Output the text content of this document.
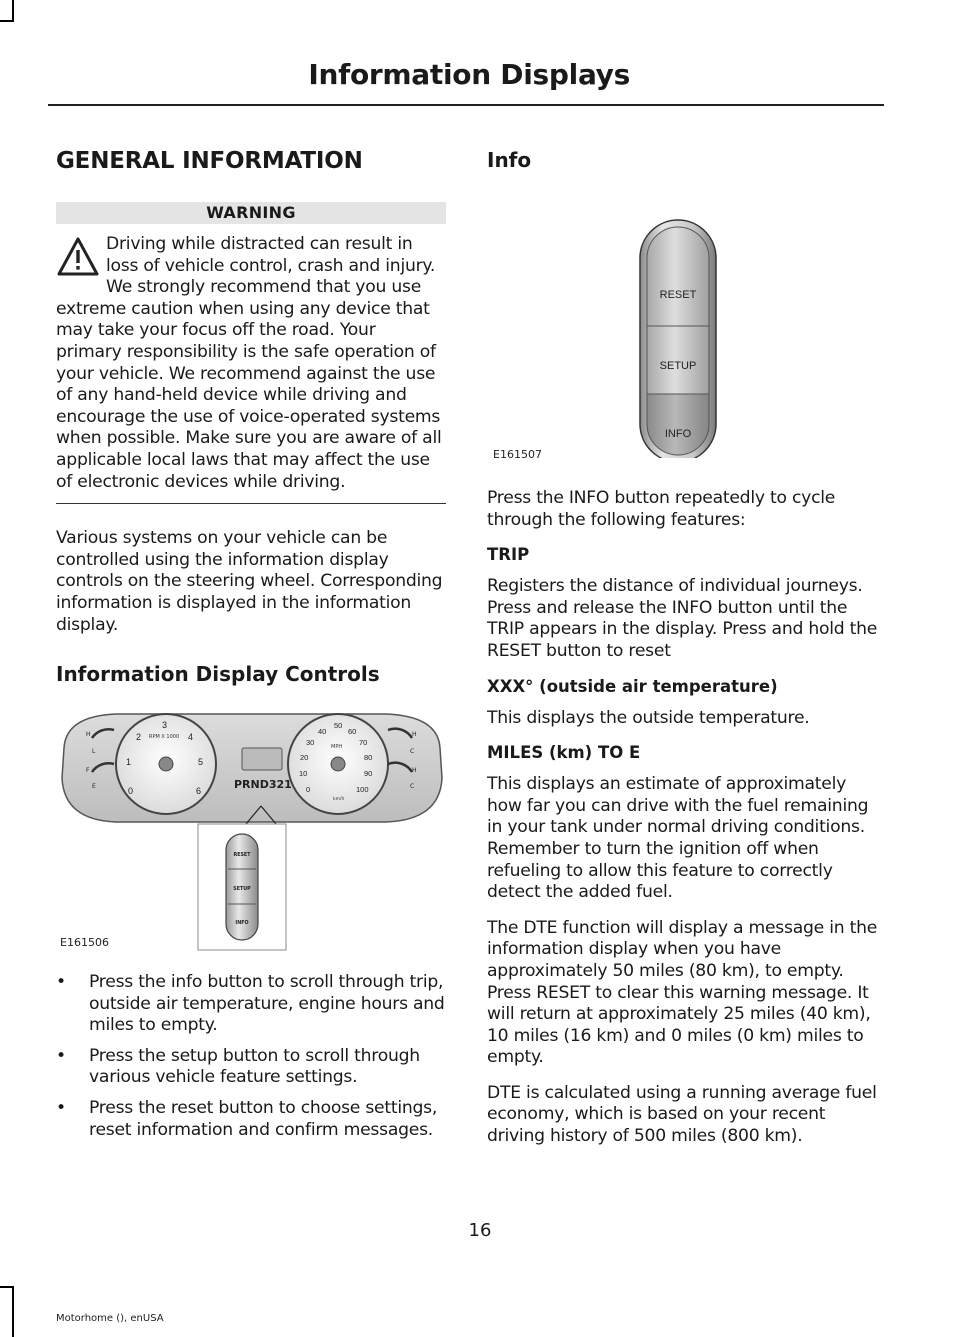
Information Displays
GENERAL INFORMATION
WARNING

Driving while distracted can result in loss of vehicle control, crash and injury. We strongly recommend that you use extreme caution when using any device that may take your focus off the road. Your primary responsibility is the safe operation of your vehicle. We recommend against the use of any hand-held device while driving and encourage the use of voice-operated systems when possible. Make sure you are aware of all applicable local laws that may affect the use of electronic devices while driving.

Various systems on your vehicle can be controlled using the information display controls on the steering wheel. Corresponding information is displayed in the information display.

Information Display Controls
RPM X 1000
0
1
2
3
4
5
6
MPH
km/h
0
10
20
30
40
50
60
70
80
90
100
H
L
F
E
H
C
H
C
PRND321
RESET
SETUP
INFO
E161506
• Press the info button to scroll through trip, outside air temperature, engine hours and miles to empty.
• Press the setup button to scroll through various vehicle feature settings.
• Press the reset button to choose settings, reset information and confirm messages.
Info
RESET
SETUP
INFO
E161507

Press the INFO button repeatedly to cycle through the following features:

TRIP

Registers the distance of individual journeys. Press and release the INFO button until the TRIP appears in the display. Press and hold the RESET button to reset

XXX° (outside air temperature)

This displays the outside temperature.

MILES (km) TO E

This displays an estimate of approximately how far you can drive with the fuel remaining in your tank under normal driving conditions. Remember to turn the ignition off when refueling to allow this feature to correctly detect the added fuel.

The DTE function will display a message in the information display when you have approximately 50 miles (80 km), to empty. Press RESET to clear this warning message. It will return at approximately 25 miles (40 km), 10 miles (16 km) and 0 miles (0 km) miles to empty.

DTE is calculated using a running average fuel economy, which is based on your recent driving history of 500 miles (800 km).

16
Motorhome (), enUSA
